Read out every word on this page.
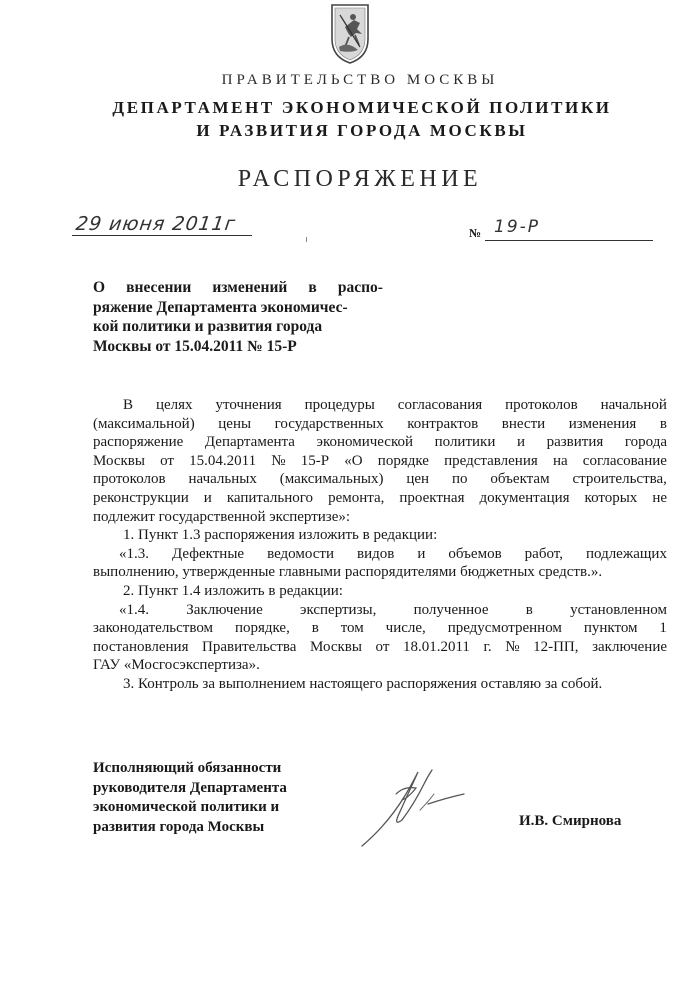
ПРАВИТЕЛЬСТВО МОСКВЫ
ДЕПАРТАМЕНТ ЭКОНОМИЧЕСКОЙ ПОЛИТИКИ
И РАЗВИТИЯ ГОРОДА МОСКВЫ
РАСПОРЯЖЕНИЕ
29 июня 2011г	№ 19-Р
О внесении изменений в распо-
ряжение Департамента экономичес-
кой политики и развития города
Москвы от 15.04.2011 № 15-Р
В целях уточнения процедуры согласования протоколов начальной
(максимальной) цены государственных контрактов внести изменения в
распоряжение Департамента экономической политики и развития города
Москвы от 15.04.2011 № 15-Р «О порядке представления на согласование
протоколов начальных (максимальных) цен по объектам строительства,
реконструкции и капитального ремонта, проектная документация которых не
подлежит государственной экспертизе»:
1. Пункт 1.3 распоряжения изложить в редакции:
«1.3. Дефектные ведомости видов и объемов работ, подлежащих
выполнению, утвержденные главными распорядителями бюджетных средств.».
2. Пункт 1.4 изложить в редакции:
«1.4. Заключение экспертизы, полученное в установленном
законодательством порядке, в том числе, предусмотренном пунктом 1
постановления Правительства Москвы от 18.01.2011 г. № 12-ПП, заключение
ГАУ «Мосгосэкспертиза».
3. Контроль за выполнением настоящего распоряжения оставляю за собой.
Исполняющий обязанности
руководителя Департамента
экономической политики и
развития города Москвы	И.В. Смирнова
